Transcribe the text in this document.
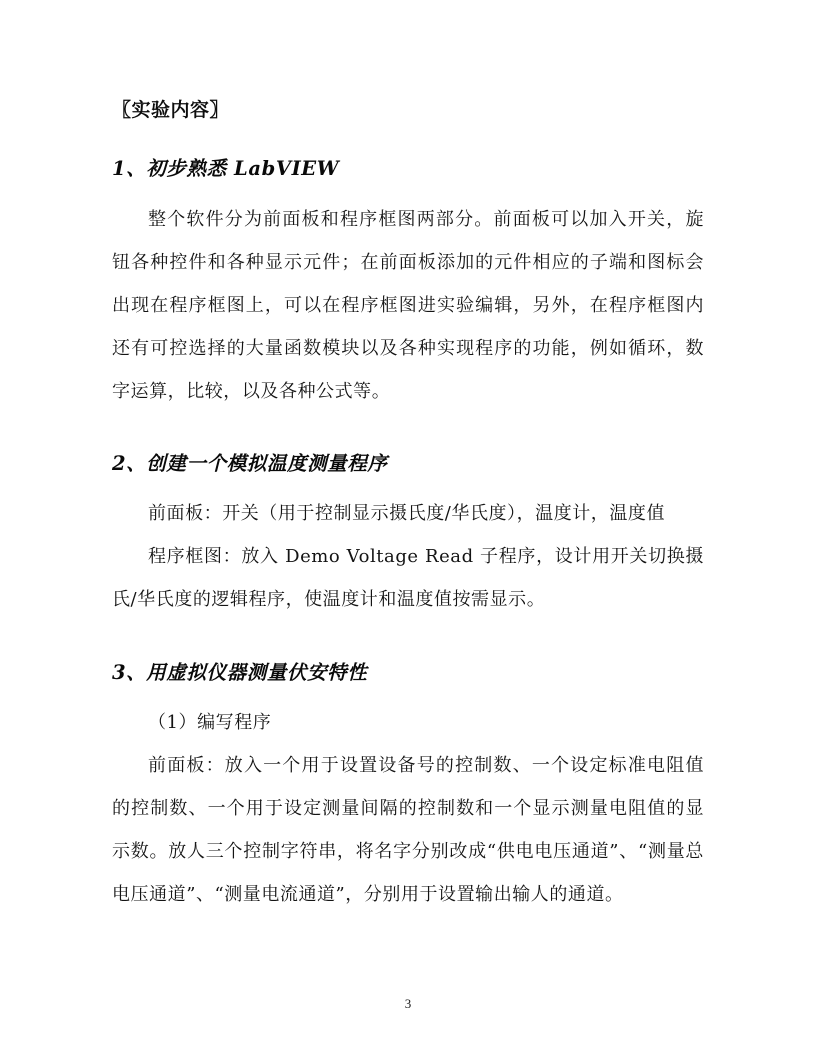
〖实验内容〗
1、初步熟悉 LabVIEW

整个软件分为前面板和程序框图两部分。前面板可以加入开关，旋钮各种控件和各种显示元件；在前面板添加的元件相应的子端和图标会出现在程序框图上，可以在程序框图进实验编辑，另外，在程序框图内还有可控选择的大量函数模块以及各种实现程序的功能，例如循环，数字运算，比较，以及各种公式等。

2、创建一个模拟温度测量程序

前面板：开关（用于控制显示摄氏度/华氏度），温度计，温度值

程序框图：放入 Demo Voltage Read 子程序，设计用开关切换摄氏/华氏度的逻辑程序，使温度计和温度值按需显示。

3、用虚拟仪器测量伏安特性

（1）编写程序

前面板：放入一个用于设置设备号的控制数、一个设定标准电阻值的控制数、一个用于设定测量间隔的控制数和一个显示测量电阻值的显示数。放人三个控制字符串，将名字分别改成“供电电压通道”、“测量总电压通道”、“测量电流通道”，分别用于设置输出输人的通道。

3
